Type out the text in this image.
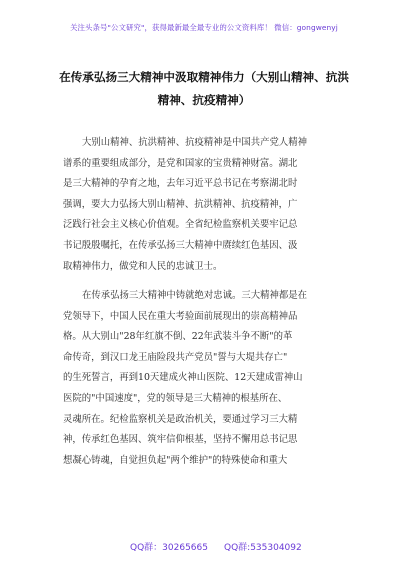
关注头条号"公文研究"，获得最新最全最专业的公文资料库！ 微信：gongwenyj
在传承弘扬三大精神中汲取精神伟力（大别山精神、抗洪
精神、抗疫精神）
大别山精神、抗洪精神、抗疫精神是中国共产党人精神
谱系的重要组成部分，是党和国家的宝贵精神财富。湖北
是三大精神的孕育之地，去年习近平总书记在考察湖北时
强调，要大力弘扬大别山精神、抗洪精神、抗疫精神，广
泛践行社会主义核心价值观。全省纪检监察机关要牢记总
书记殷殷嘱托，在传承弘扬三大精神中赓续红色基因、汲
取精神伟力，做党和人民的忠诚卫士。
在传承弘扬三大精神中铸就绝对忠诚。三大精神都是在
党领导下，中国人民在重大考验面前展现出的崇高精神品
格。从大别山"28年红旗不倒、22年武装斗争不断"的革
命传奇，到汉口龙王庙险段共产党员"誓与大堤共存亡"
的生死誓言，再到10天建成火神山医院、12天建成雷神山
医院的"中国速度"，党的领导是三大精神的根基所在、
灵魂所在。纪检监察机关是政治机关，要通过学习三大精
神，传承红色基因、筑牢信仰根基，坚持不懈用总书记思
想凝心铸魂，自觉担负起"两个维护"的特殊使命和重大
QQ群：30265665 QQ群:535304092
